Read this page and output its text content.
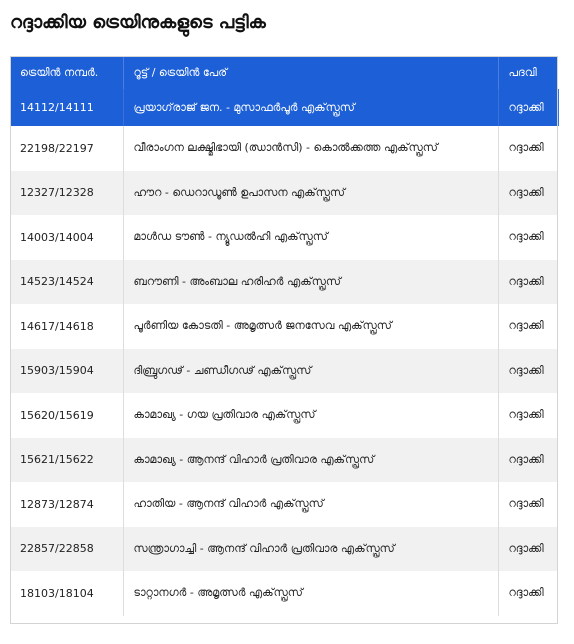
റദ്ദാക്കിയ ട്രെയിനുകളുടെ പട്ടിക
ട്രെയിൻ നമ്പർ.	റൂട്ട് / ട്രെയിൻ പേര്	പദവി
14112/14111	പ്രയാഗ്‌രാജ് ജന. - മുസാഫർപൂർ എക്‌സ്പ്രസ്	റദ്ദാക്കി
22198/22197	വീരാംഗന ലക്ഷ്മിഭായി (ഝാൻസി) - കൊൽക്കത്ത എക്‌സ്പ്രസ്	റദ്ദാക്കി
12327/12328	ഹൗറ - ഡെറാഡൂൺ ഉപാസന എക്‌സ്പ്രസ്	റദ്ദാക്കി
14003/14004	മാൾഡ ടൗൺ - ന്യൂഡൽഹി എക്‌സ്പ്രസ്	റദ്ദാക്കി
14523/14524	ബറൗണി - അംബാല ഹരിഹർ എക്‌സ്പ്രസ്	റദ്ദാക്കി
14617/14618	പൂർണിയ കോടതി - അമൃത്സർ ജനസേവ എക്‌സ്പ്രസ്	റദ്ദാക്കി
15903/15904	ദിബ്രുഗഢ് - ചണ്ഡീഗഢ് എക്‌സ്പ്രസ്	റദ്ദാക്കി
15620/15619	കാമാഖ്യ - ഗയ പ്രതിവാര എക്‌സ്പ്രസ്	റദ്ദാക്കി
15621/15622	കാമാഖ്യ - ആനന്ദ് വിഹാർ പ്രതിവാര എക്‌സ്പ്രസ്	റദ്ദാക്കി
12873/12874	ഹാതിയ - ആനന്ദ് വിഹാർ എക്‌സ്പ്രസ്	റദ്ദാക്കി
22857/22858	സന്ത്രാഗാച്ചി - ആനന്ദ് വിഹാർ പ്രതിവാര എക്‌സ്പ്രസ്	റദ്ദാക്കി
18103/18104	ടാറ്റാനഗർ - അമൃത്സർ എക്‌സ്പ്രസ്	റദ്ദാക്കി
